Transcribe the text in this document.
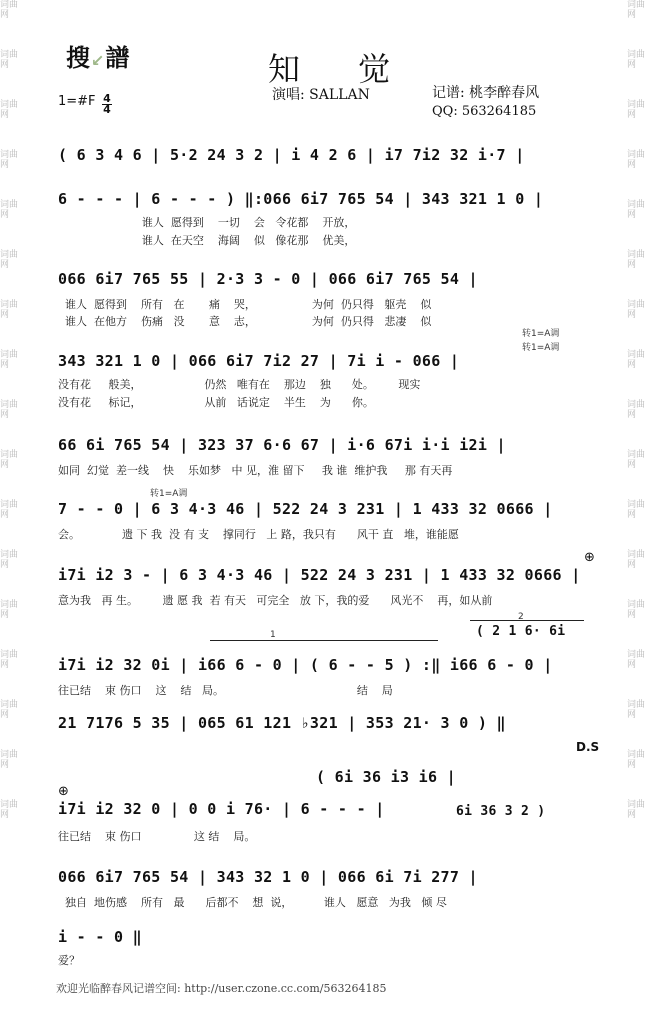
词曲网
词曲网
词曲网
词曲网
词曲网
词曲网
词曲网
词曲网
词曲网
词曲网
词曲网
词曲网
词曲网
词曲网
词曲网
词曲网
词曲网
词曲网
词曲网
词曲网
词曲网
词曲网
词曲网
词曲网
词曲网
词曲网
词曲网
词曲网
词曲网
词曲网
词曲网
词曲网
词曲网
词曲网
搜↙譜	知 觉
演唱: SALLAN	记谱: 桃李醉春风
QQ: 563264185
1=#F 4
4
( 6 3 4 6 | 5·2 24 3 2 | i 4 2 6 | i7 7i2 32 i·7 |
6 - - - | 6 - - - ) ‖:066 6i7 765 54 | 343 321 1 0 |
谁人  愿得到    一切    会   令花都    开放，
谁人  在天空    海阔    似   像花那    优美，
066 6i7 765 55 | 2·3 3 - 0 | 066 6i7 765 54 |
谁人  愿得到    所有   在       痛    哭，                为何  仍只得   躯壳    似
谁人  在他方    伤痛   没       意    志，                为何  仍只得   悲凄    似
转1=A调
转1=A调
343 321 1 0 | 066 6i7 7i2 27 | 7i i - 066 |
没有花     般美，                  仍然   唯有在    那边    独      处。       现实
没有花     标记，                  从前   话说定    半生    为      你。
66 6i 765 54 | 323 37 6·6 67 | i·6 67i i·i i2i |
如同  幻觉  差一线    快    乐如梦   中 见，淮 留下     我 谁  维护我     那 有天再
转1=A调
7 - - 0 | 6 3 4·3 46 | 522 24 3 231 | 1 433 32 0666 |
会。            遗 下 我  没 有 支    撑同行   上 路，我只有      风干 直   堆，谁能愿
⊕
i7i i2 3 - | 6 3 4·3 46 | 522 24 3 231 | 1 433 32 0666 |
意为我   再 生。       遗 愿 我  若 有天   可完全   放 下，我的爱      风光不    再，如从前
1
2
( 2 1 6· 6i
i7i i2 32 0i | i66 6 - 0 | ( 6 - - 5 ) :‖ i66 6 - 0 |
往已结    束 伤口    这    结   局。                                      结    局
21 7176 5 35 | 065 61 121 ♭321 | 353 21· 3 0 ) ‖
D.S
( 6i 36 i3 i6 |
⊕
i7i i2 32 0 | 0 0 i 76· | 6 - - - |
往已结    束 伤口               这 结    局。
6i 36 3 2 )
066 6i7 765 54 | 343 32 1 0 | 066 6i 7i 277 |
独自  地伤感    所有   最      后都不    想  说，         谁人   愿意   为我   倾 尽
i - - 0 ‖
爱？
欢迎光临醉春风记谱空间: http://user.czone.cc.com/563264185
